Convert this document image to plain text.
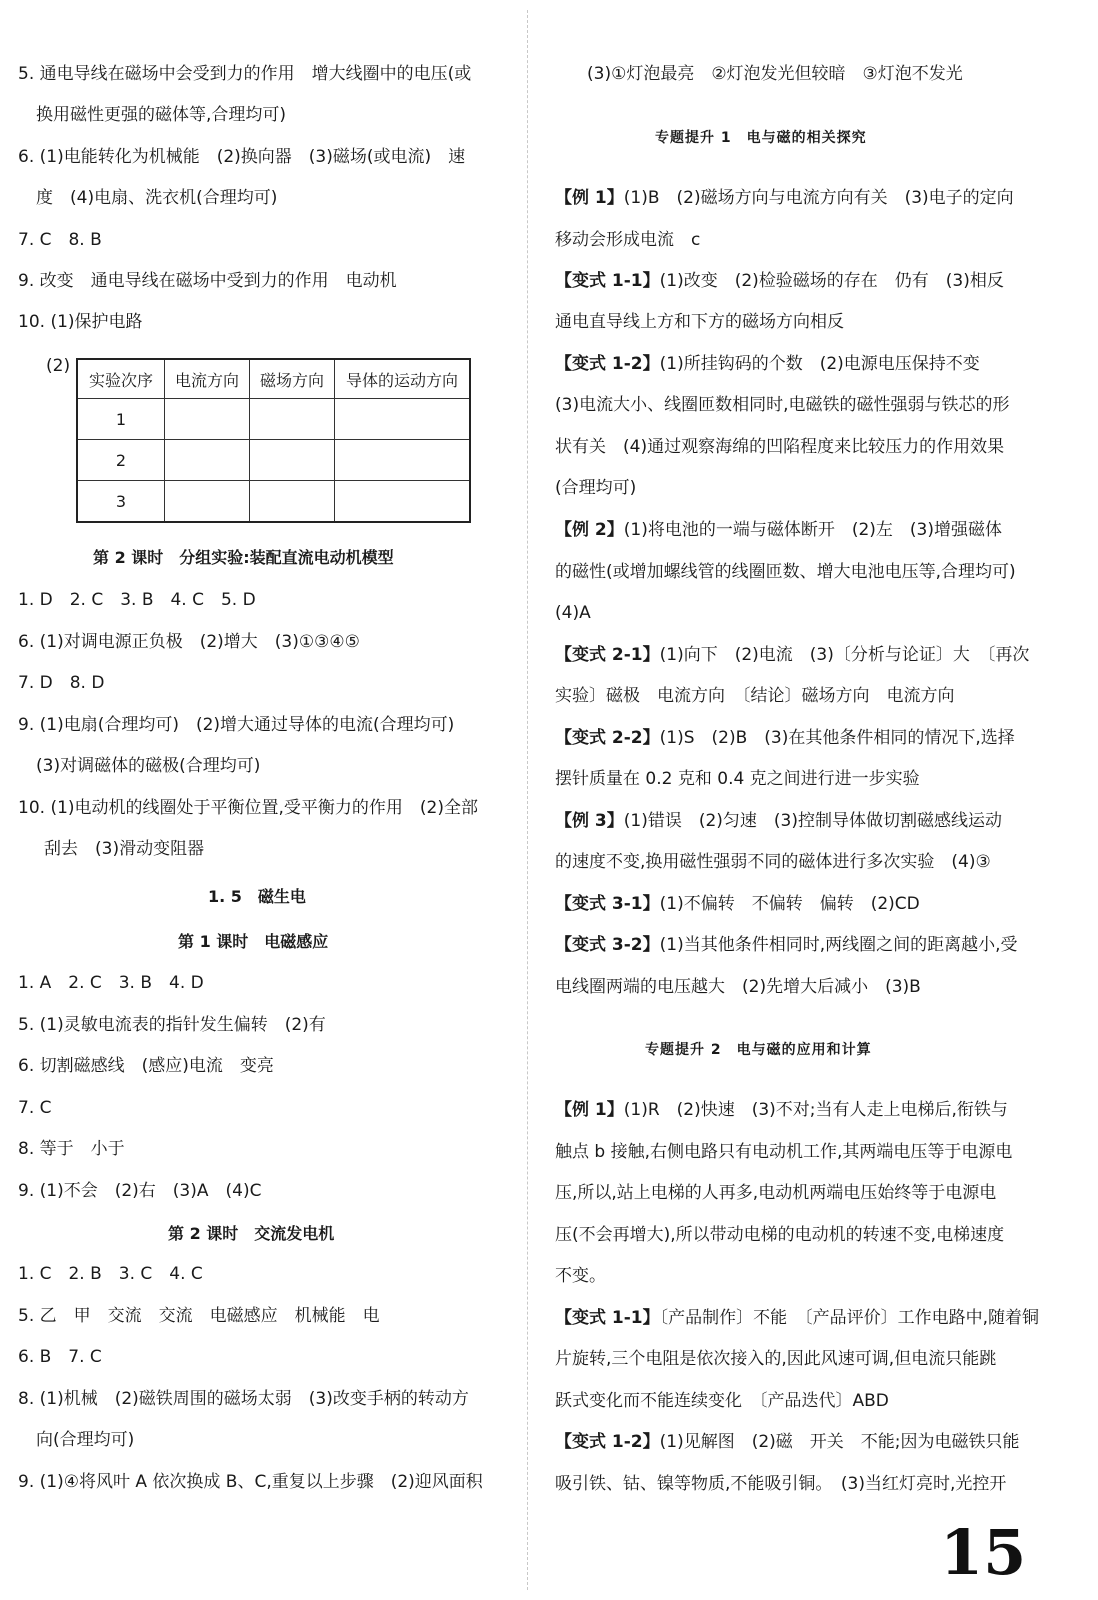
5. 通电导线在磁场中会受到力的作用　增大线圈中的电压(或
换用磁性更强的磁体等,合理均可)
6. (1)电能转化为机械能　(2)换向器　(3)磁场(或电流)　速
度　(4)电扇、洗衣机(合理均可)
7. C　8. B
9. 改变　通电导线在磁场中受到力的作用　电动机
10. (1)保护电路
(2)
实验次序	电流方向	磁场方向	导体的运动方向
1			
2			
3			
第 2 课时　分组实验:装配直流电动机模型
1. D　2. C　3. B　4. C　5. D
6. (1)对调电源正负极　(2)增大　(3)①③④⑤
7. D　8. D
9. (1)电扇(合理均可)　(2)增大通过导体的电流(合理均可)
(3)对调磁体的磁极(合理均可)
10. (1)电动机的线圈处于平衡位置,受平衡力的作用　(2)全部
刮去　(3)滑动变阻器
1. 5　磁生电
第 1 课时　电磁感应
1. A　2. C　3. B　4. D
5. (1)灵敏电流表的指针发生偏转　(2)有
6. 切割磁感线　(感应)电流　变亮
7. C
8. 等于　小于
9. (1)不会　(2)右　(3)A　(4)C
第 2 课时　交流发电机
1. C　2. B　3. C　4. C
5. 乙　甲　交流　交流　电磁感应　机械能　电
6. B　7. C
8. (1)机械　(2)磁铁周围的磁场太弱　(3)改变手柄的转动方
向(合理均可)
9. (1)④将风叶 A 依次换成 B、C,重复以上步骤　(2)迎风面积
(3)①灯泡最亮　②灯泡发光但较暗　③灯泡不发光
专题提升 1　电与磁的相关探究
【例 1】(1)B　(2)磁场方向与电流方向有关　(3)电子的定向
移动会形成电流　c
【变式 1-1】(1)改变　(2)检验磁场的存在　仍有　(3)相反
通电直导线上方和下方的磁场方向相反
【变式 1-2】(1)所挂钩码的个数　(2)电源电压保持不变
(3)电流大小、线圈匝数相同时,电磁铁的磁性强弱与铁芯的形
状有关　(4)通过观察海绵的凹陷程度来比较压力的作用效果
(合理均可)
【例 2】(1)将电池的一端与磁体断开　(2)左　(3)增强磁体
的磁性(或增加螺线管的线圈匝数、增大电池电压等,合理均可)
(4)A
【变式 2-1】(1)向下　(2)电流　(3)〔分析与论证〕大　〔再次
实验〕磁极　电流方向　〔结论〕磁场方向　电流方向
【变式 2-2】(1)S　(2)B　(3)在其他条件相同的情况下,选择
摆针质量在 0.2 克和 0.4 克之间进行进一步实验
【例 3】(1)错误　(2)匀速　(3)控制导体做切割磁感线运动
的速度不变,换用磁性强弱不同的磁体进行多次实验　(4)③
【变式 3-1】(1)不偏转　不偏转　偏转　(2)CD
【变式 3-2】(1)当其他条件相同时,两线圈之间的距离越小,受
电线圈两端的电压越大　(2)先增大后减小　(3)B
专题提升 2　电与磁的应用和计算
【例 1】(1)R　(2)快速　(3)不对;当有人走上电梯后,衔铁与
触点 b 接触,右侧电路只有电动机工作,其两端电压等于电源电
压,所以,站上电梯的人再多,电动机两端电压始终等于电源电
压(不会再增大),所以带动电梯的电动机的转速不变,电梯速度
不变。
【变式 1-1】〔产品制作〕不能　〔产品评价〕工作电路中,随着铜
片旋转,三个电阻是依次接入的,因此风速可调,但电流只能跳
跃式变化而不能连续变化　〔产品迭代〕ABD
【变式 1-2】(1)见解图　(2)磁　开关　不能;因为电磁铁只能
吸引铁、钴、镍等物质,不能吸引铜。　(3)当红灯亮时,光控开
15
